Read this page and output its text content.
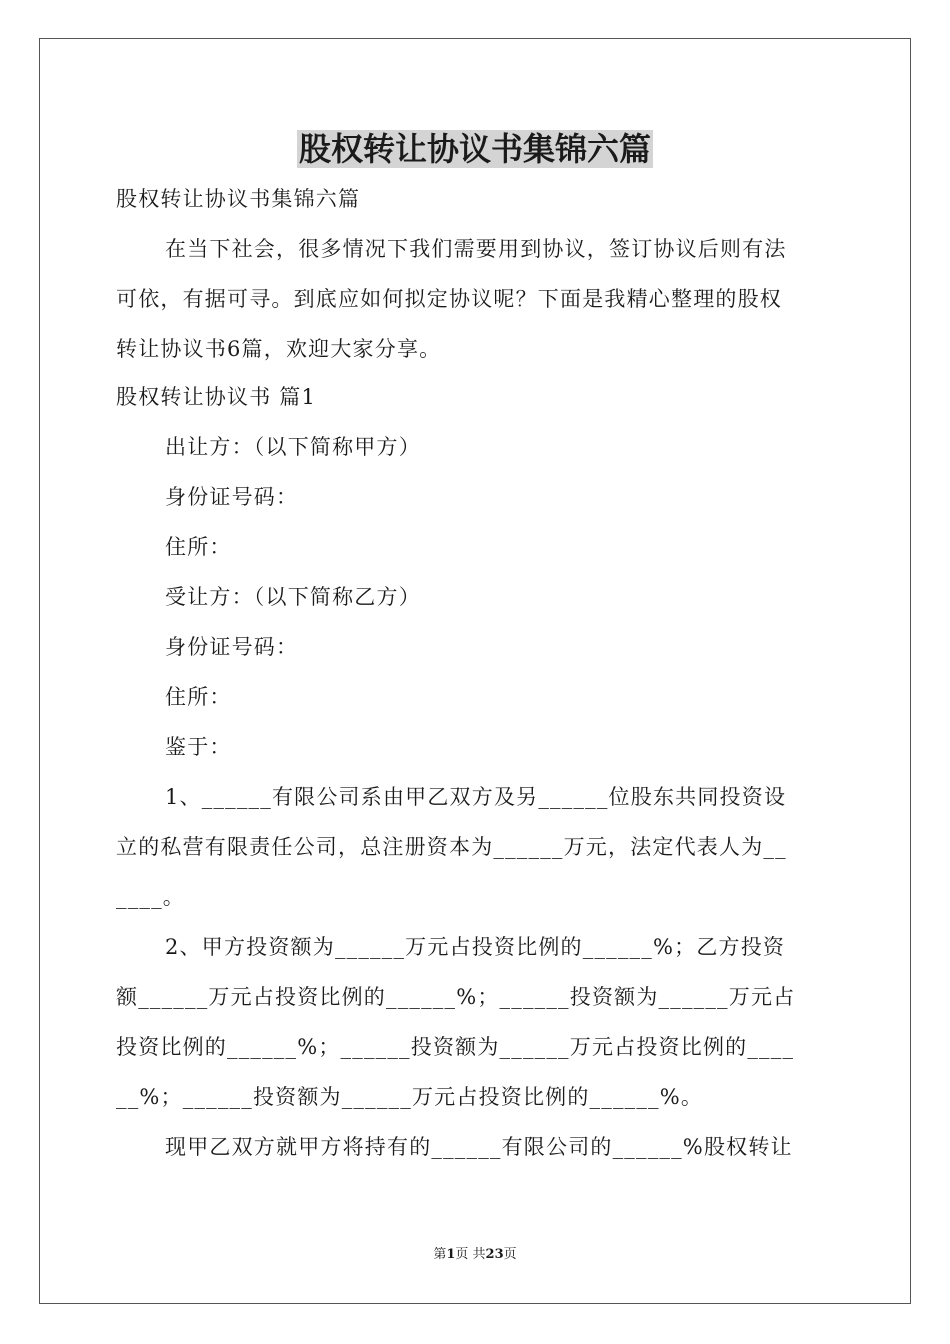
股权转让协议书集锦六篇
股权转让协议书集锦六篇
在当下社会，很多情况下我们需要用到协议，签订协议后则有法
可依，有据可寻。到底应如何拟定协议呢？下面是我精心整理的股权
转让协议书6篇，欢迎大家分享。
股权转让协议书 篇1
出让方：（以下简称甲方）
身份证号码：
住所：
受让方：（以下简称乙方）
身份证号码：
住所：
鉴于：
1、______有限公司系由甲乙双方及另______位股东共同投资设
立的私营有限责任公司，总注册资本为______万元，法定代表人为__
____。
2、甲方投资额为______万元占投资比例的______%；乙方投资
额______万元占投资比例的______%；______投资额为______万元占
投资比例的______%；______投资额为______万元占投资比例的____
__%；______投资额为______万元占投资比例的______%。
现甲乙双方就甲方将持有的______有限公司的______%股权转让
第1页 共23页
